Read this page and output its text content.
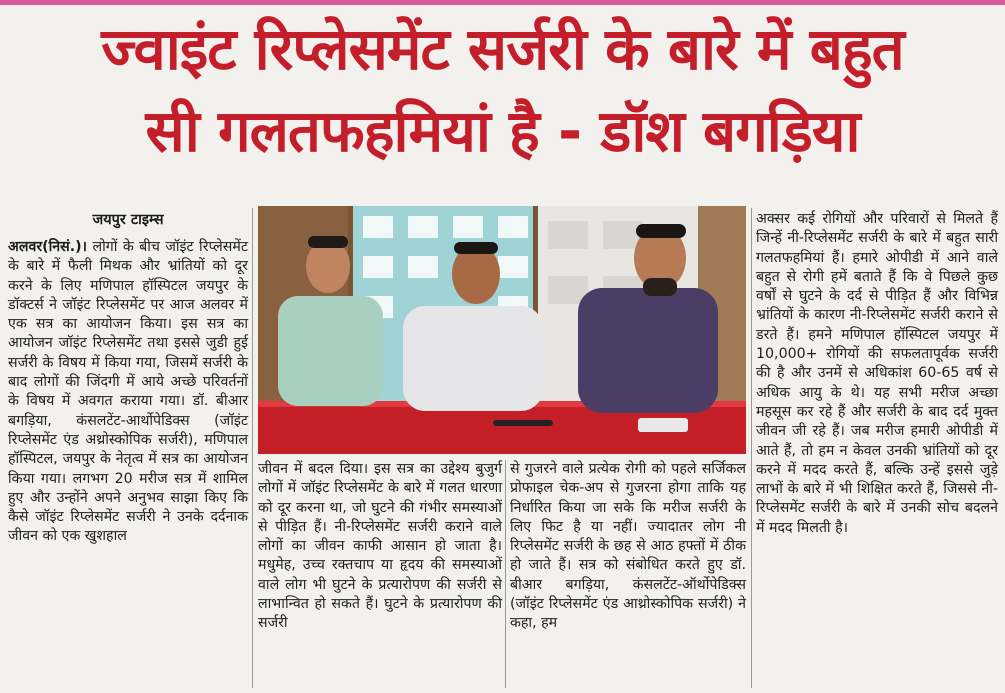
ज्वाइंट रिप्लेसमेंट सर्जरी के बारे में बहुत
सी गलतफहमियां है - डॉश बगड़िया
जयपुर टाइम्स

अलवर(निसं.)। लोगों के बीच जॉइंट रिप्लेसमेंट के बारे में फैली मिथक और भ्रांतियों को दूर करने के लिए मणिपाल हॉस्पिटल जयपुर के डॉक्टर्स ने जॉइंट रिप्लेसमेंट पर आज अलवर में एक सत्र का आयोजन किया। इस सत्र का आयोजन जॉइंट रिप्लेसमेंट तथा इससे जुडी हुई सर्जरी के विषय में किया गया, जिसमें सर्जरी के बाद लोगों की जिंदगी में आये अच्छे परिवर्तनों के विषय में अवगत कराया गया। डॉ. बीआर बगड़िया, कंसलटेंट-आर्थोपेडिक्स (जॉइंट रिप्लेसमेंट एंड अथ्रोस्कोपिक सर्जरी), मणिपाल हॉस्पिटल, जयपुर के नेतृत्व में सत्र का आयोजन किया गया। लगभग 20 मरीज सत्र में शामिल हुए और उन्होंने अपने अनुभव साझा किए कि कैसे जॉइंट रिप्लेसमेंट सर्जरी ने उनके दर्दनाक जीवन को एक खुशहाल

जीवन में बदल दिया। इस सत्र का उद्देश्य बुजुर्ग लोगों में जॉइंट रिप्लेसमेंट के बारे में गलत धारणा को दूर करना था, जो घुटने की गंभीर समस्याओं से पीड़ित हैं। नी-रिप्लेसमेंट सर्जरी कराने वाले लोगों का जीवन काफी आसान हो जाता है। मधुमेह, उच्च रक्तचाप या हृदय की समस्याओं वाले लोग भी घुटने के प्रत्यारोपण की सर्जरी से लाभान्वित हो सकते हैं। घुटने के प्रत्यारोपण की सर्जरी

से गुजरने वाले प्रत्येक रोगी को पहले सर्जिकल प्रोफाइल चेक-अप से गुजरना होगा ताकि यह निर्धारित किया जा सके कि मरीज सर्जरी के लिए फिट है या नहीं। ज्यादातर लोग नी रिप्लेसमेंट सर्जरी के छह से आठ हफ्तों में ठीक हो जाते हैं। सत्र को संबोधित करते हुए डॉ. बीआर बगड़िया, कंसलटेंट-ऑर्थोपेडिक्स (जॉइंट रिप्लेसमेंट एंड आथ्रोस्कोपिक सर्जरी) ने कहा, हम

अक्सर कई रोगियों और परिवारों से मिलते हैं जिन्हें नी-रिप्लेसमेंट सर्जरी के बारे में बहुत सारी गलतफहमियां हैं। हमारे ओपीडी में आने वाले बहुत से रोगी हमें बताते हैं कि वे पिछले कुछ वर्षों से घुटने के दर्द से पीड़ित हैं और विभिन्न भ्रांतियों के कारण नी-रिप्लेसमेंट सर्जरी कराने से डरते हैं। हमने मणिपाल हॉस्पिटल जयपुर में 10,000+ रोगियों की सफलतापूर्वक सर्जरी की है और उनमें से अधिकांश 60-65 वर्ष से अधिक आयु के थे। यह सभी मरीज अच्छा महसूस कर रहे हैं और सर्जरी के बाद दर्द मुक्त जीवन जी रहे हैं। जब मरीज हमारी ओपीडी में आते हैं, तो हम न केवल उनकी भ्रांतियों को दूर करने में मदद करते हैं, बल्कि उन्हें इससे जुड़े लाभों के बारे में भी शिक्षित करते हैं, जिससे नी-रिप्लेसमेंट सर्जरी के बारे में उनकी सोच बदलने में मदद मिलती है।
